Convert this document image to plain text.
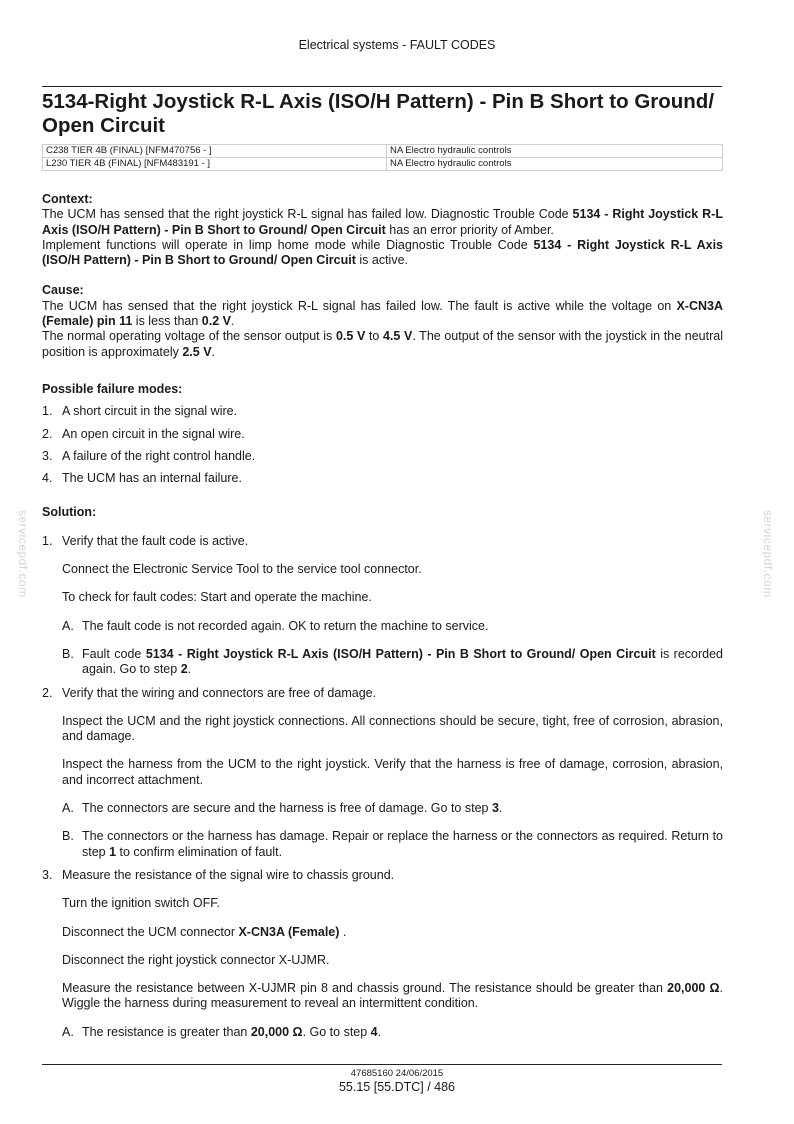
Electrical systems - FAULT CODES
5134-Right Joystick R-L Axis (ISO/H Pattern) - Pin B Short to Ground/ Open Circuit
C238 TIER 4B (FINAL) [NFM470756 - ]	NA Electro hydraulic controls
L230 TIER 4B (FINAL) [NFM483191 - ]	NA Electro hydraulic controls

Context:

The UCM has sensed that the right joystick R-L signal has failed low. Diagnostic Trouble Code 5134 - Right Joystick R-L Axis (ISO/H Pattern) - Pin B Short to Ground/ Open Circuit has an error priority of Amber.

Implement functions will operate in limp home mode while Diagnostic Trouble Code 5134 - Right Joystick R-L Axis (ISO/H Pattern) - Pin B Short to Ground/ Open Circuit is active.

Cause:

The UCM has sensed that the right joystick R-L signal has failed low. The fault is active while the voltage on X-CN3A (Female) pin 11 is less than 0.2 V.

The normal operating voltage of the sensor output is 0.5 V to 4.5 V. The output of the sensor with the joystick in the neutral position is approximately 2.5 V.

Possible failure modes:

1. A short circuit in the signal wire.
2. An open circuit in the signal wire.
3. A failure of the right control handle.
4. The UCM has an internal failure.

Solution:

1. Verify that the fault code is active.

Connect the Electronic Service Tool to the service tool connector.

To check for fault codes: Start and operate the machine.

A. The fault code is not recorded again. OK to return the machine to service.
B. Fault code 5134 - Right Joystick R-L Axis (ISO/H Pattern) - Pin B Short to Ground/ Open Circuit is recorded again. Go to step 2.
2. Verify that the wiring and connectors are free of damage.

Inspect the UCM and the right joystick connections. All connections should be secure, tight, free of corrosion, abrasion, and damage.

Inspect the harness from the UCM to the right joystick. Verify that the harness is free of damage, corrosion, abrasion, and incorrect attachment.

A. The connectors are secure and the harness is free of damage. Go to step 3.
B. The connectors or the harness has damage. Repair or replace the harness or the connectors as required. Return to step 1 to confirm elimination of fault.
3. Measure the resistance of the signal wire to chassis ground.

Turn the ignition switch OFF.

Disconnect the UCM connector X-CN3A (Female) .

Disconnect the right joystick connector X-UJMR.

Measure the resistance between X-UJMR pin 8 and chassis ground. The resistance should be greater than 20,000 Ω. Wiggle the harness during measurement to reveal an intermittent condition.

A. The resistance is greater than 20,000 Ω. Go to step 4.
servicepdf.com	servicepdf.com
47685160 24/06/2015
55.15 [55.DTC] / 486
